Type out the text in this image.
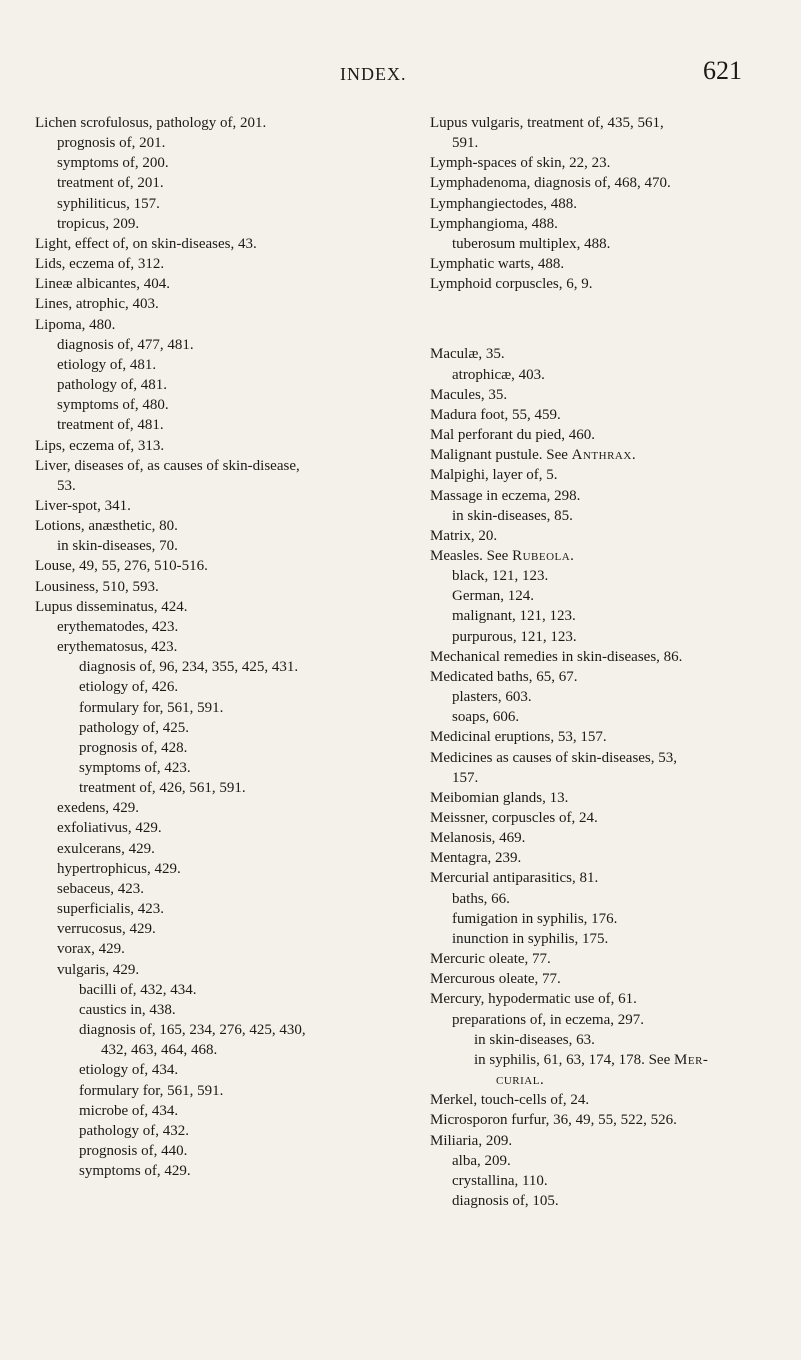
INDEX.	621

Lichen scrofulosus, pathology of, 201.

prognosis of, 201.

symptoms of, 200.

treatment of, 201.

syphiliticus, 157.

tropicus, 209.

Light, effect of, on skin-diseases, 43.

Lids, eczema of, 312.

Lineæ albicantes, 404.

Lines, atrophic, 403.

Lipoma, 480.

diagnosis of, 477, 481.

etiology of, 481.

pathology of, 481.

symptoms of, 480.

treatment of, 481.

Lips, eczema of, 313.

Liver, diseases of, as causes of skin-disease,

53.

Liver-spot, 341.

Lotions, anæsthetic, 80.

in skin-diseases, 70.

Louse, 49, 55, 276, 510-516.

Lousiness, 510, 593.

Lupus disseminatus, 424.

erythematodes, 423.

erythematosus, 423.

diagnosis of, 96, 234, 355, 425, 431.

etiology of, 426.

formulary for, 561, 591.

pathology of, 425.

prognosis of, 428.

symptoms of, 423.

treatment of, 426, 561, 591.

exedens, 429.

exfoliativus, 429.

exulcerans, 429.

hypertrophicus, 429.

sebaceus, 423.

superficialis, 423.

verrucosus, 429.

vorax, 429.

vulgaris, 429.

bacilli of, 432, 434.

caustics in, 438.

diagnosis of, 165, 234, 276, 425, 430,

432, 463, 464, 468.

etiology of, 434.

formulary for, 561, 591.

microbe of, 434.

pathology of, 432.

prognosis of, 440.

symptoms of, 429.

Lupus vulgaris, treatment of, 435, 561,

591.

Lymph-spaces of skin, 22, 23.

Lymphadenoma, diagnosis of, 468, 470.

Lymphangiectodes, 488.

Lymphangioma, 488.

tuberosum multiplex, 488.

Lymphatic warts, 488.

Lymphoid corpuscles, 6, 9.

Maculæ, 35.

atrophicæ, 403.

Macules, 35.

Madura foot, 55, 459.

Mal perforant du pied, 460.

Malignant pustule. See Anthrax.

Malpighi, layer of, 5.

Massage in eczema, 298.

in skin-diseases, 85.

Matrix, 20.

Measles. See Rubeola.

black, 121, 123.

German, 124.

malignant, 121, 123.

purpurous, 121, 123.

Mechanical remedies in skin-diseases, 86.

Medicated baths, 65, 67.

plasters, 603.

soaps, 606.

Medicinal eruptions, 53, 157.

Medicines as causes of skin-diseases, 53,

157.

Meibomian glands, 13.

Meissner, corpuscles of, 24.

Melanosis, 469.

Mentagra, 239.

Mercurial antiparasitics, 81.

baths, 66.

fumigation in syphilis, 176.

inunction in syphilis, 175.

Mercuric oleate, 77.

Mercurous oleate, 77.

Mercury, hypodermatic use of, 61.

preparations of, in eczema, 297.

in skin-diseases, 63.

in syphilis, 61, 63, 174, 178. See Mer-

curial.

Merkel, touch-cells of, 24.

Microsporon furfur, 36, 49, 55, 522, 526.

Miliaria, 209.

alba, 209.

crystallina, 110.

diagnosis of, 105.
